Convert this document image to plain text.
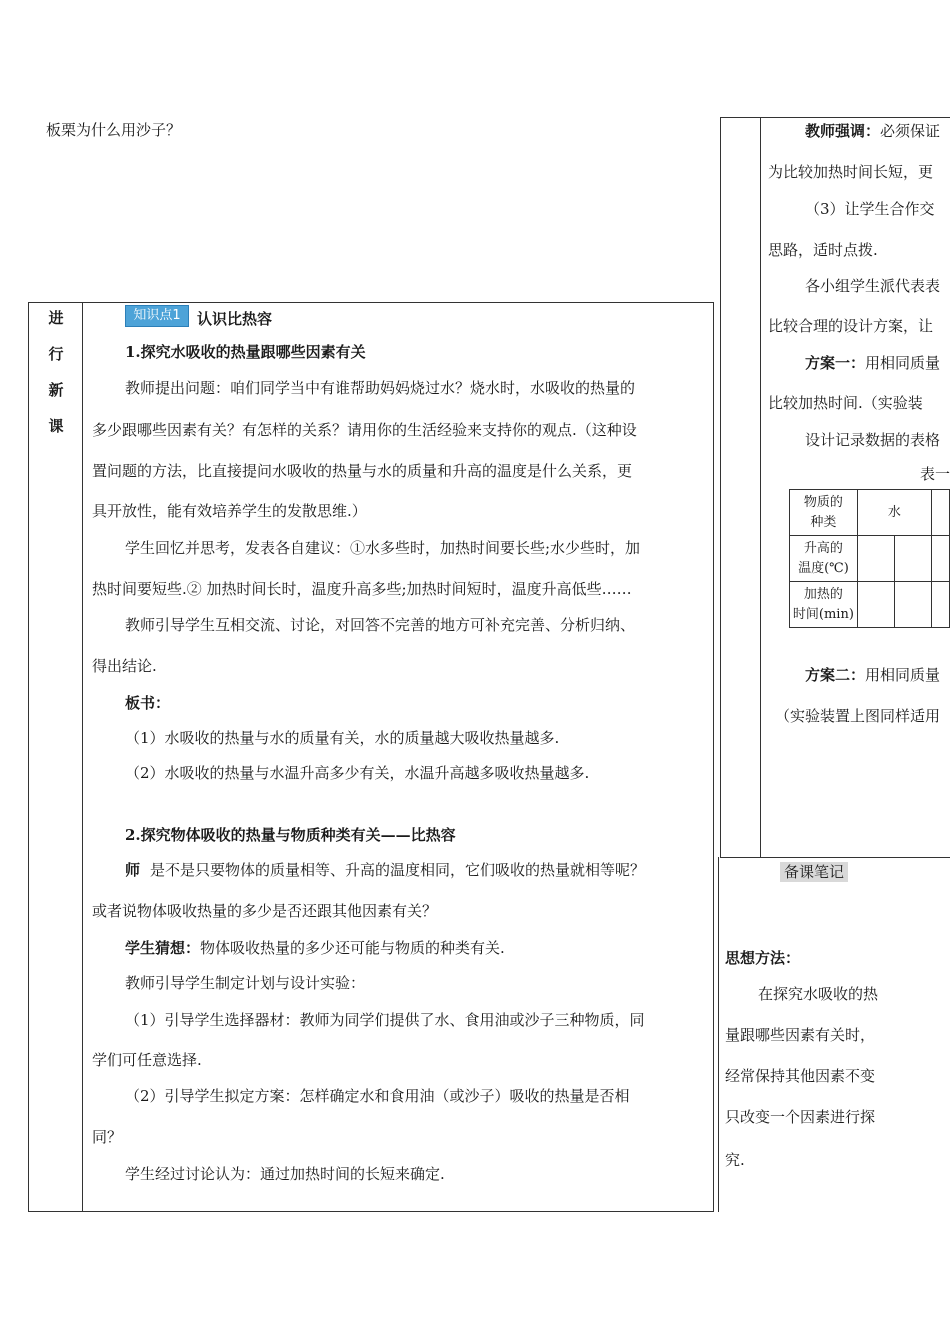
板栗为什么用沙子？
进
行
新
课
知识点1	认识比热容
1.探究水吸收的热量跟哪些因素有关
教师提出问题：咱们同学当中有谁帮助妈妈烧过水？烧水时，水吸收的热量的
多少跟哪些因素有关？有怎样的关系？请用你的生活经验来支持你的观点.（这种设
置问题的方法，比直接提问水吸收的热量与水的质量和升高的温度是什么关系，更
具开放性，能有效培养学生的发散思维.）
学生回忆并思考，发表各自建议：①水多些时，加热时间要长些;水少些时，加
热时间要短些.② 加热时间长时，温度升高多些;加热时间短时，温度升高低些……
教师引导学生互相交流、讨论，对回答不完善的地方可补充完善、分析归纳、
得出结论.
板书：
（1）水吸收的热量与水的质量有关，水的质量越大吸收热量越多.
（2）水吸收的热量与水温升高多少有关，水温升高越多吸收热量越多.
2.探究物体吸收的热量与物质种类有关——比热容
师 是不是只要物体的质量相等、升高的温度相同，它们吸收的热量就相等呢？
或者说物体吸收热量的多少是否还跟其他因素有关？
学生猜想：物体吸收热量的多少还可能与物质的种类有关.
教师引导学生制定计划与设计实验：
（1）引导学生选择器材：教师为同学们提供了水、食用油或沙子三种物质，同
学们可任意选择.
（2）引导学生拟定方案：怎样确定水和食用油（或沙子）吸收的热量是否相
同？
学生经过讨论认为：通过加热时间的长短来确定.
教师强调：必须保证
为比较加热时间长短，更
（3）让学生合作交
思路，适时点拨.
各小组学生派代表表
比较合理的设计方案，让
方案一：用相同质量
比较加热时间.（实验装
设计记录数据的表格
表一
物质的
种类	水		
升高的
温度(℃)			
加热的
时间(min)			
方案二：用相同质量
（实验装置上图同样适用
备课笔记
思想方法：
在探究水吸收的热
量跟哪些因素有关时，
经常保持其他因素不变
只改变一个因素进行探
究.
